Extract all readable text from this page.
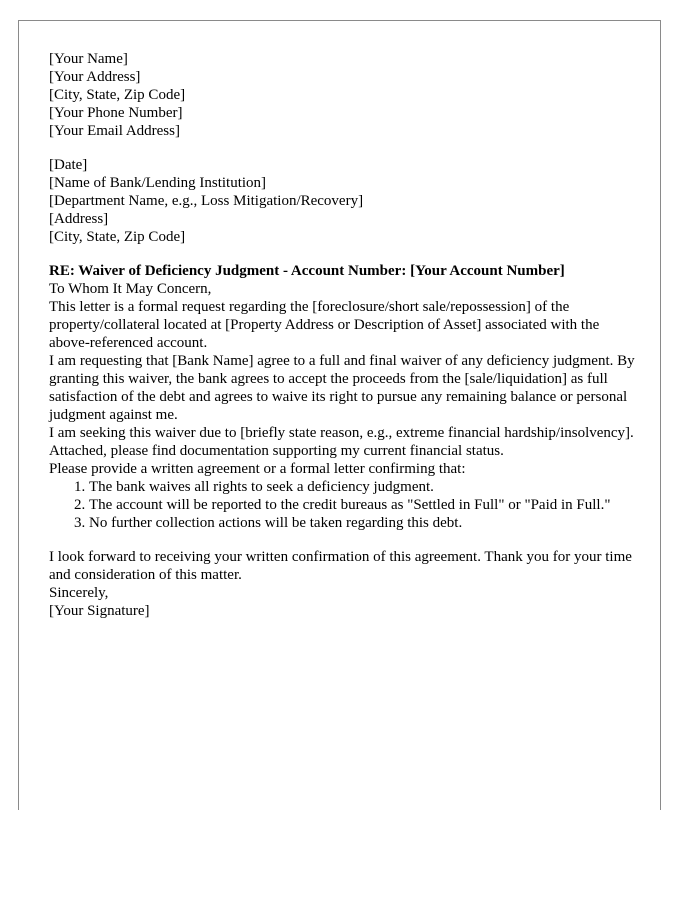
[Your Name]
[Your Address]
[City, State, Zip Code]
[Your Phone Number]
[Your Email Address]

[Date]

[Name of Bank/Lending Institution]
[Department Name, e.g., Loss Mitigation/Recovery]
[Address]
[City, State, Zip Code]

RE: Waiver of Deficiency Judgment - Account Number: [Your Account Number]

To Whom It May Concern,

This letter is a formal request regarding the [foreclosure/short sale/repossession] of the property/collateral located at [Property Address or Description of Asset] associated with the above-referenced account.

I am requesting that [Bank Name] agree to a full and final waiver of any deficiency judgment. By granting this waiver, the bank agrees to accept the proceeds from the [sale/liquidation] as full satisfaction of the debt and agrees to waive its right to pursue any remaining balance or personal judgment against me.

I am seeking this waiver due to [briefly state reason, e.g., extreme financial hardship/insolvency]. Attached, please find documentation supporting my current financial status.

Please provide a written agreement or a formal letter confirming that:

1. The bank waives all rights to seek a deficiency judgment.
2. The account will be reported to the credit bureaus as "Settled in Full" or "Paid in Full."
3. No further collection actions will be taken regarding this debt.

I look forward to receiving your written confirmation of this agreement. Thank you for your time and consideration of this matter.

Sincerely,

[Your Signature]
